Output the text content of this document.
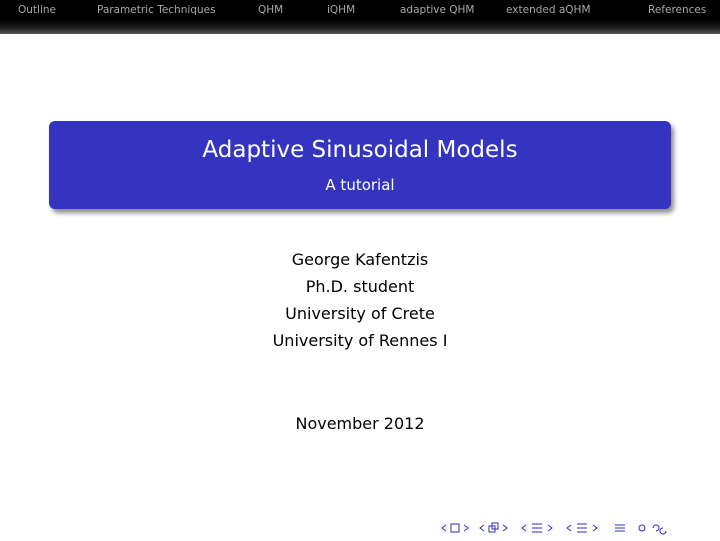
Outline	Parametric Techniques	QHM	iQHM	adaptive QHM	extended aQHM	References
Adaptive Sinusoidal Models
A tutorial
George Kafentzis
Ph.D. student
University of Crete
University of Rennes I
November 2012
